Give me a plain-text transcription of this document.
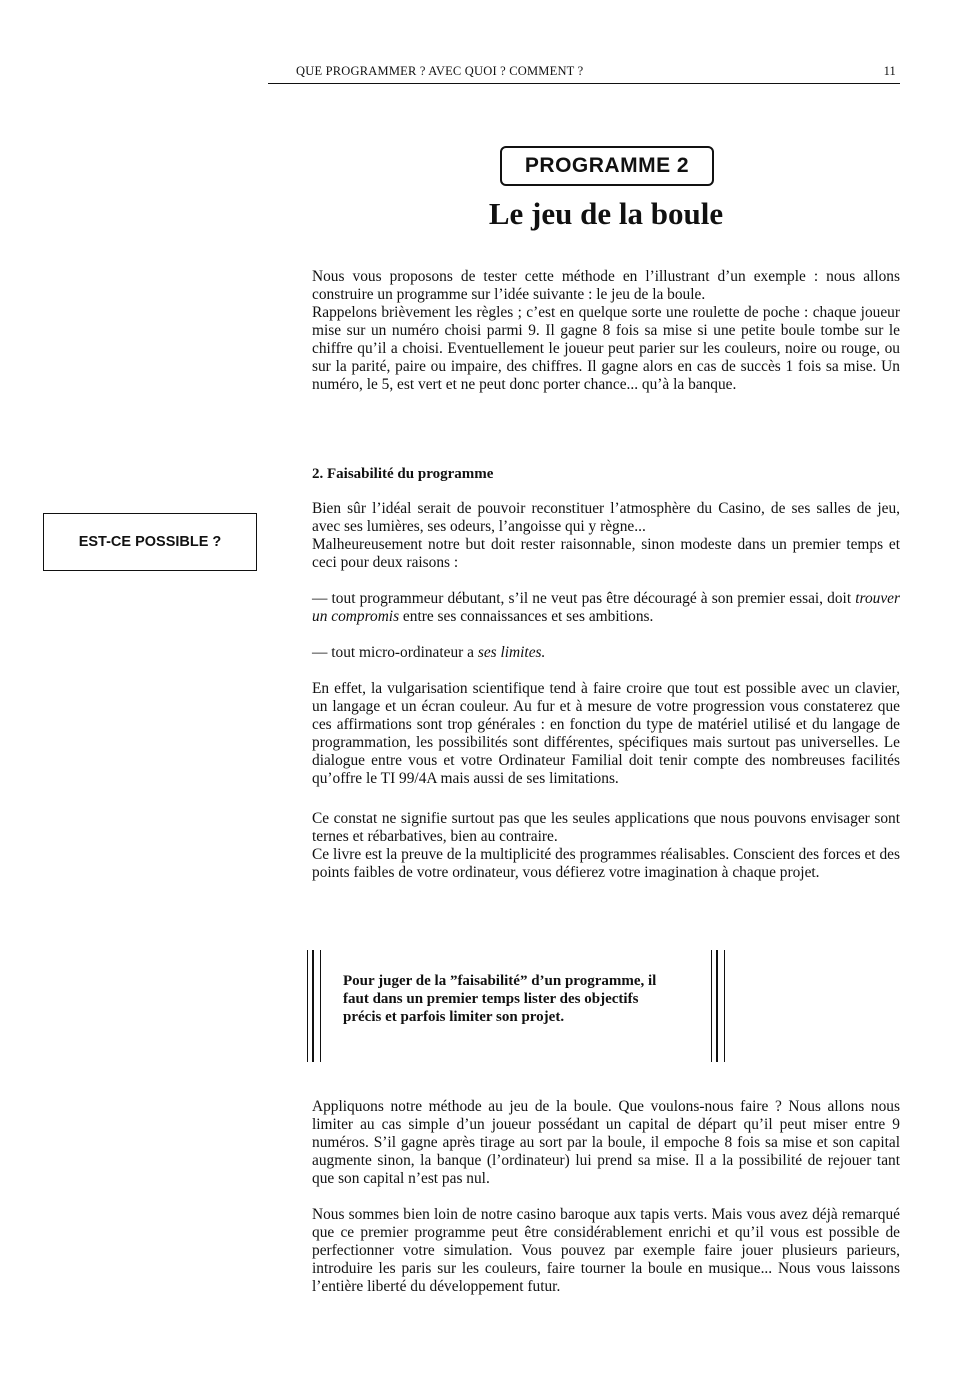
QUE PROGRAMMER ? AVEC QUOI ? COMMENT ?	11
PROGRAMME 2
Le jeu de la boule

Nous vous proposons de tester cette méthode en l’illustrant d’un exemple : nous allons construire un programme sur l’idée suivante : le jeu de la boule.

Rappelons brièvement les règles ; c’est en quelque sorte une roulette de poche : chaque joueur mise sur un numéro choisi parmi 9. Il gagne 8 fois sa mise si une petite boule tombe sur le chiffre qu’il a choisi. Eventuellement le joueur peut parier sur les couleurs, noire ou rouge, ou sur la parité, paire ou impaire, des chiffres. Il gagne alors en cas de succès 1 fois sa mise. Un numéro, le 5, est vert et ne peut donc porter chance... qu’à la banque.

2. Faisabilité du programme
EST-CE POSSIBLE ?

Bien sûr l’idéal serait de pouvoir reconstituer l’atmosphère du Casino, de ses salles de jeu, avec ses lumières, ses odeurs, l’angoisse qui y règne...

Malheureusement notre but doit rester raisonnable, sinon modeste dans un premier temps et ceci pour deux raisons :

— tout programmeur débutant, s’il ne veut pas être découragé à son premier essai, doit trouver un compromis entre ses connaissances et ses ambitions.

— tout micro-ordinateur a ses limites.

En effet, la vulgarisation scientifique tend à faire croire que tout est possible avec un clavier, un langage et un écran couleur. Au fur et à mesure de votre progression vous constaterez que ces affirmations sont trop générales : en fonction du type de matériel utilisé et du langage de programmation, les possibilités sont différentes, spécifiques mais surtout pas universelles. Le dialogue entre vous et votre Ordinateur Familial doit tenir compte des nombreuses facilités qu’offre le TI 99/4A mais aussi de ses limitations.

Ce constat ne signifie surtout pas que les seules applications que nous pouvons envisager sont ternes et rébarbatives, bien au contraire.

Ce livre est la preuve de la multiplicité des programmes réalisables. Conscient des forces et des points faibles de votre ordinateur, vous défierez votre imagination à chaque projet.

Pour juger de la ”faisabilité” d’un programme, il faut dans un premier temps lister des objectifs précis et parfois limiter son projet.

Appliquons notre méthode au jeu de la boule. Que voulons-nous faire ? Nous allons nous limiter au cas simple d’un joueur possédant un capital de départ qu’il peut miser entre 9 numéros. S’il gagne après tirage au sort par la boule, il empoche 8 fois sa mise et son capital augmente sinon, la banque (l’ordinateur) lui prend sa mise. Il a la possibilité de rejouer tant que son capital n’est pas nul.

Nous sommes bien loin de notre casino baroque aux tapis verts. Mais vous avez déjà remarqué que ce premier programme peut être considérablement enrichi et qu’il vous est possible de perfectionner votre simulation. Vous pouvez par exemple faire jouer plusieurs parieurs, introduire les paris sur les couleurs, faire tourner la boule en musique... Nous vous laissons l’entière liberté du développement futur.
